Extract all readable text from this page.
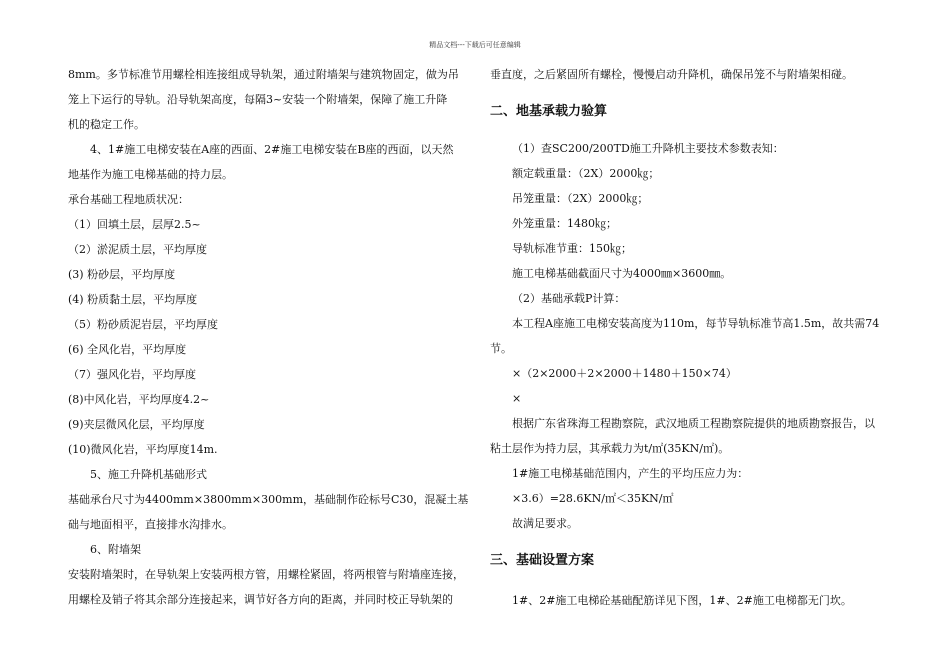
精品文档---下载后可任意编辑
8mm。多节标准节用螺栓相连接组成导轨架，通过附墙架与建筑物固定，做为吊
笼上下运行的导轨。沿导轨架高度，每隔3~安装一个附墙架，保障了施工升降
机的稳定工作。
4、1#施工电梯安装在A座的西面、2#施工电梯安装在B座的西面，以天然
地基作为施工电梯基础的持力层。
承台基础工程地质状况：
（1）回填土层，层厚2.5~
（2）淤泥质土层，平均厚度
(3) 粉砂层，平均厚度
(4) 粉质黏土层，平均厚度
（5）粉砂质泥岩层，平均厚度
(6) 全风化岩，平均厚度
（7）强风化岩，平均厚度
(8)中风化岩，平均厚度4.2~
(9)夹层微风化层，平均厚度
(10)微风化岩，平均厚度14m.
5、施工升降机基础形式
基础承台尺寸为4400mm×3800mm×300mm，基础制作砼标号C30，混凝土基
础与地面相平，直接排水沟排水。
6、附墙架
安装附墙架时，在导轨架上安装两根方管，用螺栓紧固，将两根管与附墙座连接，
用螺栓及销子将其余部分连接起来，调节好各方向的距离，并同时校正导轨架的
垂直度，之后紧固所有螺栓，慢慢启动升降机，确保吊笼不与附墙架相碰。
二、地基承载力验算
（1）查SC200/200TD施工升降机主要技术参数表知：
额定载重量：（2X）2000㎏；
吊笼重量：（2X）2000㎏；
外笼重量：1480㎏；
导轨标准节重：150㎏；
施工电梯基础截面尺寸为4000㎜×3600㎜。
（2）基础承载P计算：
本工程A座施工电梯安装高度为110m，每节导轨标准节高1.5m，故共需74
节。
×（2×2000＋2×2000＋1480＋150×74）
×
根据广东省珠海工程勘察院，武汉地质工程勘察院提供的地质勘察报告，以
粘土层作为持力层，其承载力为t/㎡(35KN/㎡)。
1#施工电梯基础范围内，产生的平均压应力为：
×3.6）=28.6KN/㎡＜35KN/㎡
故满足要求。
三、基础设置方案
1#、2#施工电梯砼基础配筋详见下图，1#、2#施工电梯都无门坎。
